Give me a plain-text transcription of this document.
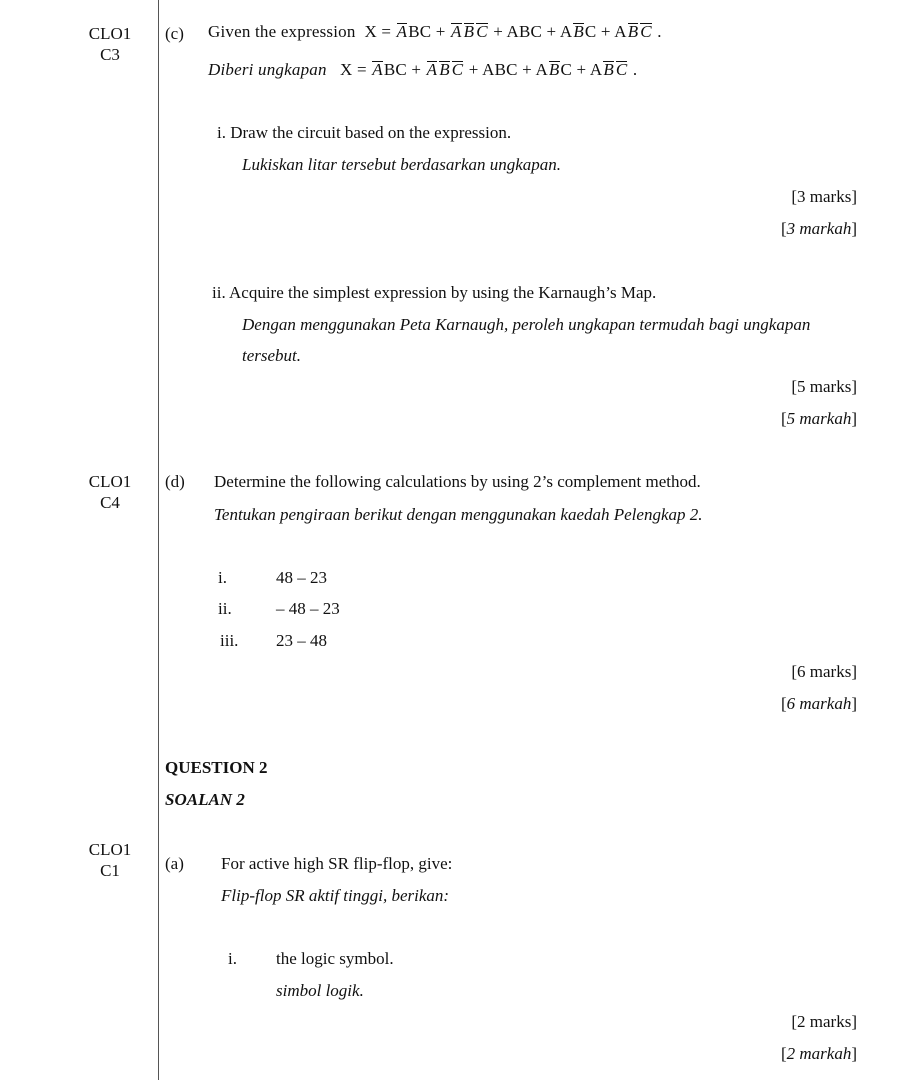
CLO1
C3
(c) Given the expression X = ABC + A B C + ABC + ABC + AB C .
Diberi ungkapan X = ABC + A B C + ABC + ABC + AB C .
i. Draw the circuit based on the expression.
Lukiskan litar tersebut berdasarkan ungkapan.
[3 marks]
[3 markah]
ii. Acquire the simplest expression by using the Karnaugh’s Map.
Dengan menggunakan Peta Karnaugh, peroleh ungkapan termudah bagi ungkapan
tersebut.
[5 marks]
[5 markah]
CLO1
C4
(d) Determine the following calculations by using 2’s complement method.
Tentukan pengiraan berikut dengan menggunakan kaedah Pelengkap 2.
i.	48 – 23
ii.	– 48 – 23
iii. 23 – 48
[6 marks]
[6 markah]
QUESTION 2
SOALAN 2
CLO1
C1	(a) For active high SR flip-flop, give:
Flip-flop SR aktif tinggi, berikan:
i. the logic symbol.
simbol logik.
[2 marks]
[2 markah]
